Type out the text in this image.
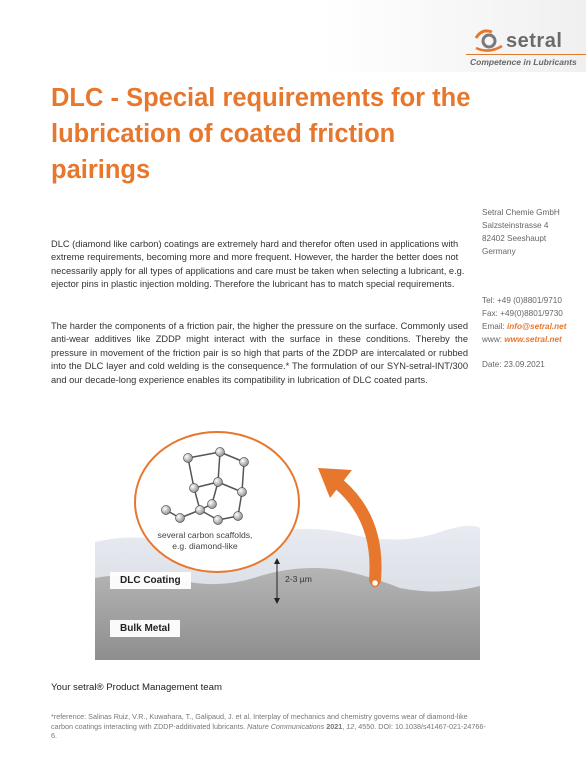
setral
Competence in Lubricants
DLC - Special requirements for the lubrication of coated friction pairings
Setral Chemie GmbH
Salzsteinstrasse 4
82402 Seeshaupt
Germany
Tel: +49 (0)8801/9710
Fax: +49(0)8801/9730
Email: info@setral.net
www: www.setral.net
Date: 23.09.2021
DLC (diamond like carbon) coatings are extremely hard and therefor often used in applications with extreme requirements, becoming more and more frequent. However, the harder the better does not necessarily apply for all types of applications and care must be taken when selecting a lubricant, e.g. ejector pins in plastic injection molding. Therefore the lubricant has to match special requirements.
The harder the components of a friction pair, the higher the pressure on the surface. Commonly used anti-wear additives like ZDDP might interact with the surface in these conditions. Thereby the pressure in movement of the friction pair is so high that parts of the ZDDP are intercalated or rubbed into the DLC layer and cold welding is the consequence.* The formulation of our SYN-setral-INT/300 and our decade-long experience enables its compatibility in lubrication of DLC coated parts.
several carbon scaffolds,
e.g. diamond-like
DLC Coating
Bulk Metal
2-3 µm
Your setral® Product Management team
*reference: Salinas Ruiz, V.R., Kuwahara, T., Galipaud, J. et al. Interplay of mechanics and chemistry governs wear of diamond-like carbon coatings interacting with ZDDP-additivated lubricants. Nature Communications 2021, 12, 4550. DOI: 10.1038/s41467-021-24766-6.
